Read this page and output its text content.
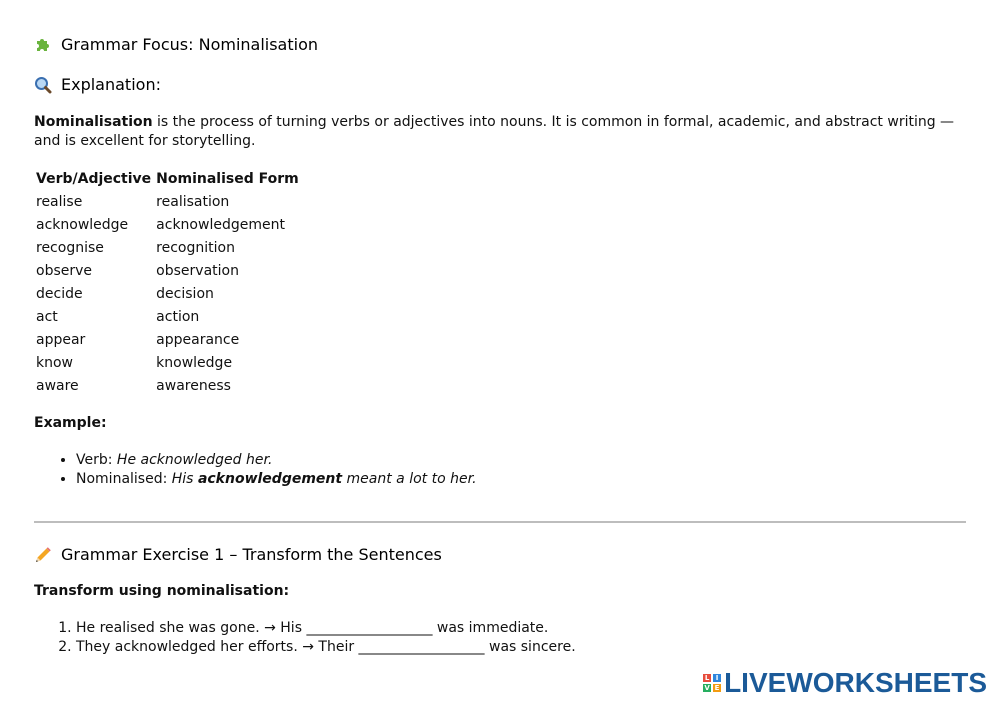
Grammar Focus: Nominalisation
Explanation:
Nominalisation is the process of turning verbs or adjectives into nouns. It is common in formal, academic, and abstract writing — and is excellent for storytelling.
Verb/Adjective	Nominalised Form
realise	realisation
acknowledge	acknowledgement
recognise	recognition
observe	observation
decide	decision
act	action
appear	appearance
know	knowledge
aware	awareness
Example:
• Verb: He acknowledged her.
• Nominalised: His acknowledgement meant a lot to her.
Grammar Exercise 1 – Transform the Sentences
Transform using nominalisation:
1. He realised she was gone. → His __________________ was immediate.
2. They acknowledged her efforts. → Their __________________ was sincere.
L I
V E LIVEWORKSHEETS
